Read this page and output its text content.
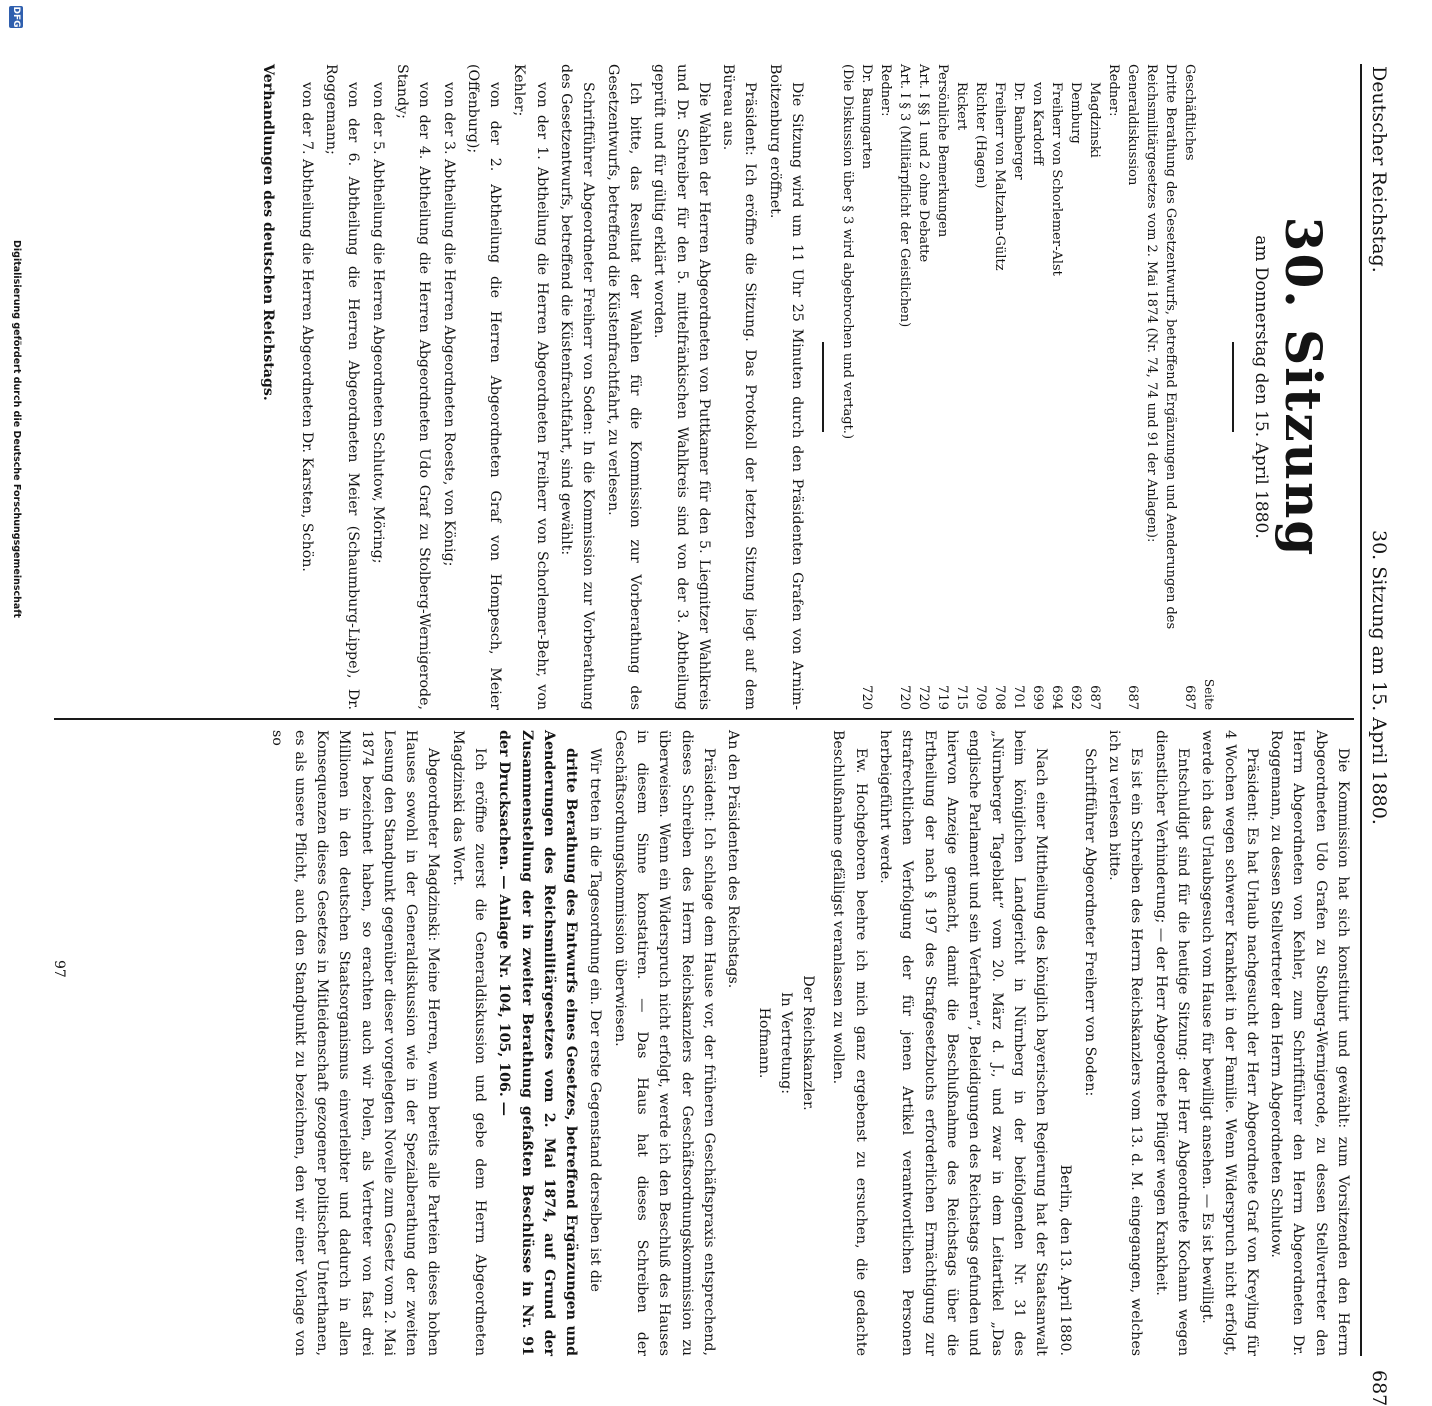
Deutscher Reichstag.
30. Sitzung am 15. April 1880.
687
30. Sitzung
am Donnerstag den 15. April 1880.
Seite
Geschäftliches
687
Dritte Berathung des Gesetzentwurfs, betreffend Ergänzungen und Aenderungen des Reichsmilitärgesetzes vom 2. Mai 1874 (Nr. 74, 74 und 91 der Anlagen):
Generaldiskussion
687
Redner:
Magdzinski
687
Demburg
692
Freiherr von Schorlemer-Alst
694
von Kardorff
699
Dr. Bamberger
701
Freiherr von Maltzahn-Gültz
708
Richter (Hagen)
709
Rickert
715
Persönliche Bemerkungen
719
Art. I §§ 1 und 2 ohne Debatte
720
Art. I § 3 (Militärpflicht der Geistlichen)
720
Redner:
Dr. Baumgarten
720
(Die Diskussion über § 3 wird abgebrochen und vertagt.)

Die Sitzung wird um 11 Uhr 25 Minuten durch den Präsidenten Grafen von Arnim-Boitzenburg eröffnet.

Präsident: Ich eröffne die Sitzung. Das Protokoll der letzten Sitzung liegt auf dem Büreau aus.

Die Wahlen der Herren Abgeordneten von Puttkamer für den 5. Liegnitzer Wahlkreis und Dr. Schreiber für den 5. mittelfränkischen Wahlkreis sind von der 3. Abtheilung geprüft und für gültig erklärt worden.

Ich bitte, das Resultat der Wahlen für die Kommission zur Vorberathung des Gesetzentwurfs, betreffend die Küstenfrachtfahrt, zu verlesen.

Schriftführer Abgeordneter Freiherr von Soden: In die Kommission zur Vorberathung des Gesetzentwurfs, betreffend die Küstenfrachtfahrt, sind gewählt:

von der 1. Abtheilung die Herren Abgeordneten Freiherr von Schorlemer-Behr, von Kehler;

von der 2. Abtheilung die Herren Abgeordneten Graf von Hompesch, Meier (Offenburg);

von der 3. Abtheilung die Herren Abgeordneten Roeste, von König;

von der 4. Abtheilung die Herren Abgeordneten Udo Graf zu Stolberg-Wernigerode, Standy;

von der 5. Abtheilung die Herren Abgeordneten Schlutow, Möring;

von der 6. Abtheilung die Herren Abgeordneten Meier (Schaumburg-Lippe), Dr. Roggemann;

von der 7. Abtheilung die Herren Abgeordneten Dr. Karsten, Schön.

Verhandlungen des deutschen Reichstags.

Die Kommission hat sich konstituirt und gewählt: zum Vorsitzenden den Herrn Abgeordneten Udo Grafen zu Stolberg-Wernigerode, zu dessen Stellvertreter den Herrn Abgeordneten von Kehler, zum Schriftführer den Herrn Abgeordneten Dr. Roggemann, zu dessen Stellvertreter den Herrn Abgeordneten Schlutow.

Präsident: Es hat Urlaub nachgesucht der Herr Abgeordnete Graf von Kreyling für 4 Wochen wegen schwerer Krankheit in der Familie. Wenn Widerspruch nicht erfolgt, werde ich das Urlaubsgesuch vom Hause für bewilligt ansehen. — Es ist bewilligt.

Entschuldigt sind für die heutige Sitzung: der Herr Abgeordnete Kochann wegen dienstlicher Verhinderung; — der Herr Abgeordnete Pflüger wegen Krankheit.

Es ist ein Schreiben des Herrn Reichskanzlers vom 13. d. M. eingegangen, welches ich zu verlesen bitte.

Schriftführer Abgeordneter Freiherr von Soden:

Berlin, den 13. April 1880.

Nach einer Mittheilung des königlich bayerischen Regierung hat der Staatsanwalt beim königlichen Landgericht in Nürnberg in der beifolgenden Nr. 31 des „Nürnberger Tageblatt“ vom 20. März d. J., und zwar in dem Leitartikel „Das englische Parlament und sein Verfahren“, Beleidigungen des Reichstags gefunden und hiervon Anzeige gemacht, damit die Beschlußnahme des Reichstags über die Ertheilung der nach § 197 des Strafgesetzbuchs erforderlichen Ermächtigung zur strafrechtlichen Verfolgung der für jenen Artikel verantwortlichen Personen herbeigeführt werde.

Ew. Hochgeboren beehre ich mich ganz ergebenst zu ersuchen, die gedachte Beschlußnahme gefälligst veranlassen zu wollen.

Der Reichskanzler.
In Vertretung:
Hofmann.

An den Präsidenten des Reichstags.

Präsident: Ich schlage dem Hause vor, der früheren Geschäftspraxis entsprechend, dieses Schreiben des Herrn Reichskanzlers der Geschäftsordnungskommission zu überweisen. Wenn ein Widerspruch nicht erfolgt, werde ich den Beschluß des Hauses in diesem Sinne konstatiren. — Das Haus hat dieses Schreiben der Geschäftsordnungskommission überwiesen.

Wir treten in die Tagesordnung ein. Der erste Gegenstand derselben ist die

dritte Berathung des Entwurfs eines Gesetzes, betreffend Ergänzungen und Aenderungen des Reichsmilitärgesetzes vom 2. Mai 1874, auf Grund der Zusammenstellung der in zweiter Berathung gefaßten Beschlüsse in Nr. 91 der Drucksachen. — Anlage Nr. 104, 105, 106. —

Ich eröffne zuerst die Generaldiskussion und gebe dem Herrn Abgeordneten Magdzinski das Wort.

Abgeordneter Magdzinski: Meine Herren, wenn bereits alle Parteien dieses hohen Hauses sowohl in der Generaldiskussion wie in der Spezialberathung der zweiten Lesung den Standpunkt gegenüber dieser vorgelegten Novelle zum Gesetz vom 2. Mai 1874 bezeichnet haben, so erachten auch wir Polen, als Vertreter von fast drei Millionen in den deutschen Staatsorganismus einverleibter und dadurch in allen Konsequenzen dieses Gesetzes in Mitleidenschaft gezogener politischer Unterthanen, es als unsere Pflicht, auch den Standpunkt zu bezeichnen, den wir einer Vorlage von so

97
DFG
Digitalisierung gefördert durch die Deutsche Forschungsgemeinschaft
